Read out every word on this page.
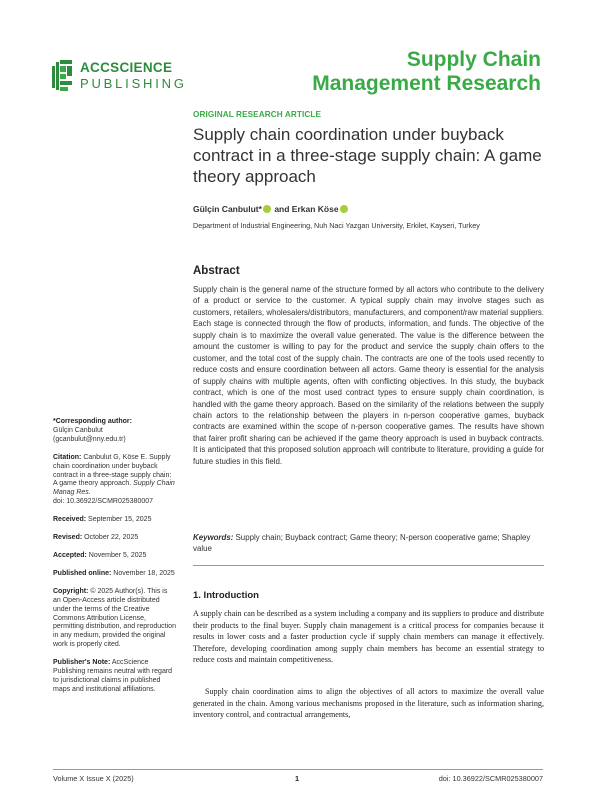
ACCSCIENCE
PUBLISHING
Supply Chain
Management Research
ORIGINAL RESEARCH ARTICLE
Supply chain coordination under buyback contract in a three-stage supply chain: A game theory approach
Gülçin Canbulut* and Erkan Köse
Department of Industrial Engineering, Nuh Naci Yazgan University, Erkilet, Kayseri, Turkey
Abstract
Supply chain is the general name of the structure formed by all actors who contribute to the delivery of a product or service to the customer. A typical supply chain may involve stages such as customers, retailers, wholesalers/distributors, manufacturers, and component/raw material suppliers. Each stage is connected through the flow of products, information, and funds. The objective of the supply chain is to maximize the overall value generated. The value is the difference between the amount the customer is willing to pay for the product and service the supply chain offers to the customer, and the total cost of the supply chain. The contracts are one of the tools used recently to reduce costs and ensure coordination between all actors. Game theory is essential for the analysis of supply chains with multiple agents, often with conflicting objectives. In this study, the buyback contract, which is one of the most used contract types to ensure supply chain coordination, is handled with the game theory approach. Based on the similarity of the relations between the supply chain actors to the relationship between the players in n-person cooperative games, buyback contracts are examined within the scope of n-person cooperative games. The results have shown that fairer profit sharing can be achieved if the game theory approach is used in buyback contracts. It is anticipated that this proposed solution approach will contribute to literature, providing a guide for future studies in this field.
Keywords: Supply chain; Buyback contract; Game theory; N-person cooperative game; Shapley value
1. Introduction
A supply chain can be described as a system including a company and its suppliers to produce and distribute their products to the final buyer. Supply chain management is a critical process for companies because it results in lower costs and a faster production cycle if supply chain members can manage it effectively. Therefore, developing coordination among supply chain members has become an essential strategy to reduce costs and maintain competitiveness.
Supply chain coordination aims to align the objectives of all actors to maximize the overall value generated in the chain. Among various mechanisms proposed in the literature, such as information sharing, inventory control, and contractual arrangements,
*Corresponding author:
Gülçin Canbulut
(gcanbulut@nny.edu.tr)
Citation: Canbulut G, Köse E. Supply chain coordination under buyback contract in a three-stage supply chain: A game theory approach. Supply Chain Manag Res.
doi: 10.36922/SCMR025380007
Received: September 15, 2025
Revised: October 22, 2025
Accepted: November 5, 2025
Published online: November 18, 2025
Copyright: © 2025 Author(s). This is an Open-Access article distributed under the terms of the Creative Commons Attribution License, permitting distribution, and reproduction in any medium, provided the original work is properly cited.
Publisher's Note: AccScience Publishing remains neutral with regard to jurisdictional claims in published maps and institutional affiliations.
Volume X Issue X (2025)	1	doi: 10.36922/SCMR025380007
